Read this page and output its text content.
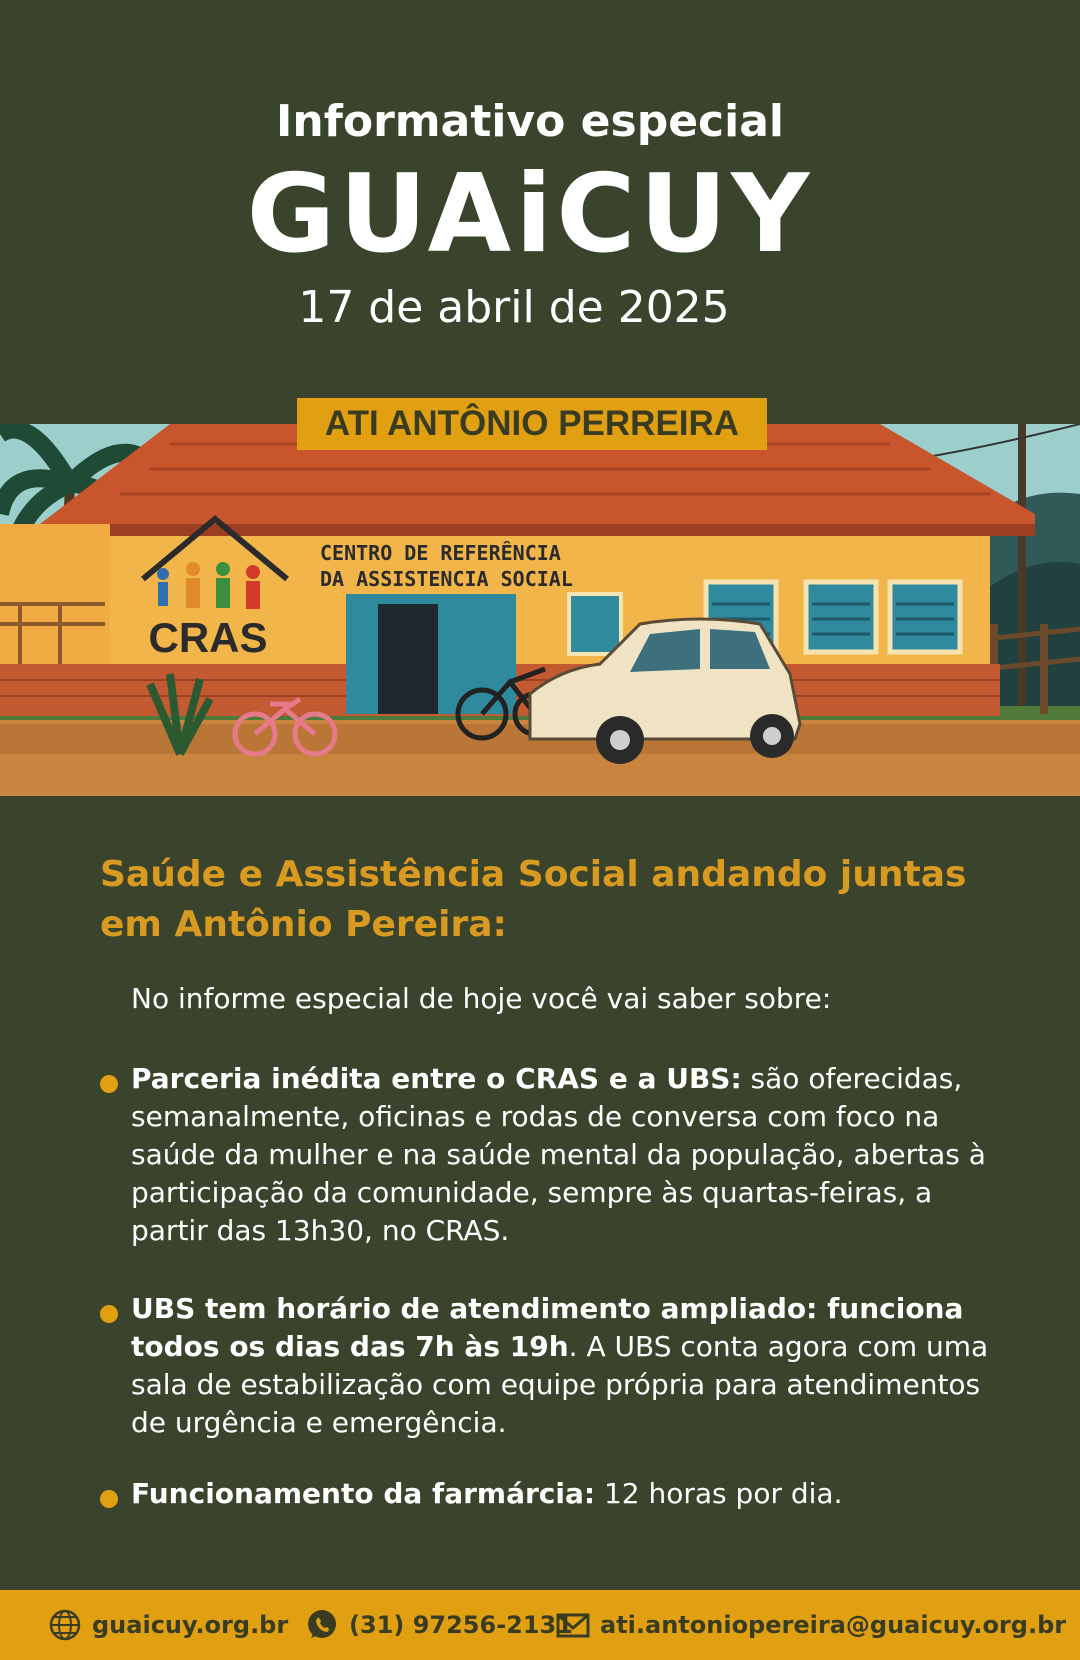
Informativo especial
GUAiCUY
17 de abril de 2025
CRAS
CENTRO DE REFERÊNCIA
DA ASSISTENCIA SOCIAL
ATI ANTÔNIO PERREIRA
Saúde e Assistência Social andando juntas em Antônio Pereira:
No informe especial de hoje você vai saber sobre:
Parceria inédita entre o CRAS e a UBS: são oferecidas, semanalmente, oficinas e rodas de conversa com foco na saúde da mulher e na saúde mental da população, abertas à participação da comunidade, sempre às quartas-feiras, a partir das 13h30, no CRAS.
UBS tem horário de atendimento ampliado: funciona todos os dias das 7h às 19h. A UBS conta agora com uma sala de estabilização com equipe própria para atendimentos de urgência e emergência.
Funcionamento da farmárcia: 12 horas por dia.
guaicuy.org.br	(31) 97256-2131 ati.antoniopereira@guaicuy.org.br
